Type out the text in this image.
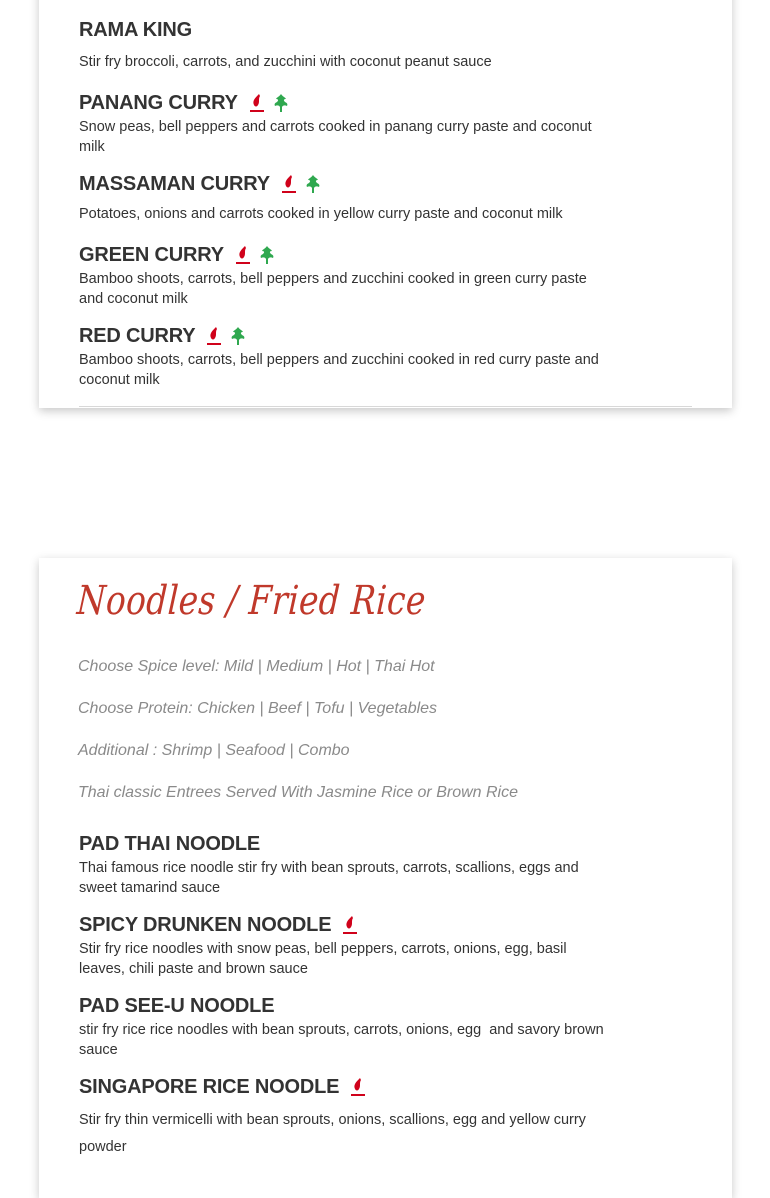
RAMA KING
Stir fry broccoli, carrots, and zucchini with coconut peanut sauce
PANANG CURRY
Snow peas, bell peppers and carrots cooked in panang curry paste and coconut milk
MASSAMAN CURRY
Potatoes, onions and carrots cooked in yellow curry paste and coconut milk
GREEN CURRY
Bamboo shoots, carrots, bell peppers and zucchini cooked in green curry paste and coconut milk
RED CURRY
Bamboo shoots, carrots, bell peppers and zucchini cooked in red curry paste and coconut milk
Noodles / Fried Rice
Choose Spice level: Mild | Medium | Hot | Thai Hot
Choose Protein: Chicken | Beef | Tofu | Vegetables
Additional : Shrimp | Seafood | Combo
Thai classic Entrees Served With Jasmine Rice or Brown Rice
PAD THAI NOODLE
Thai famous rice noodle stir fry with bean sprouts, carrots, scallions, eggs and sweet tamarind sauce
SPICY DRUNKEN NOODLE
Stir fry rice noodles with snow peas, bell peppers, carrots, onions, egg, basil leaves, chili paste and brown sauce
PAD SEE-U NOODLE
stir fry rice rice noodles with bean sprouts, carrots, onions, egg  and savory brown sauce
SINGAPORE RICE NOODLE
Stir fry thin vermicelli with bean sprouts, onions, scallions, egg and yellow curry powder
